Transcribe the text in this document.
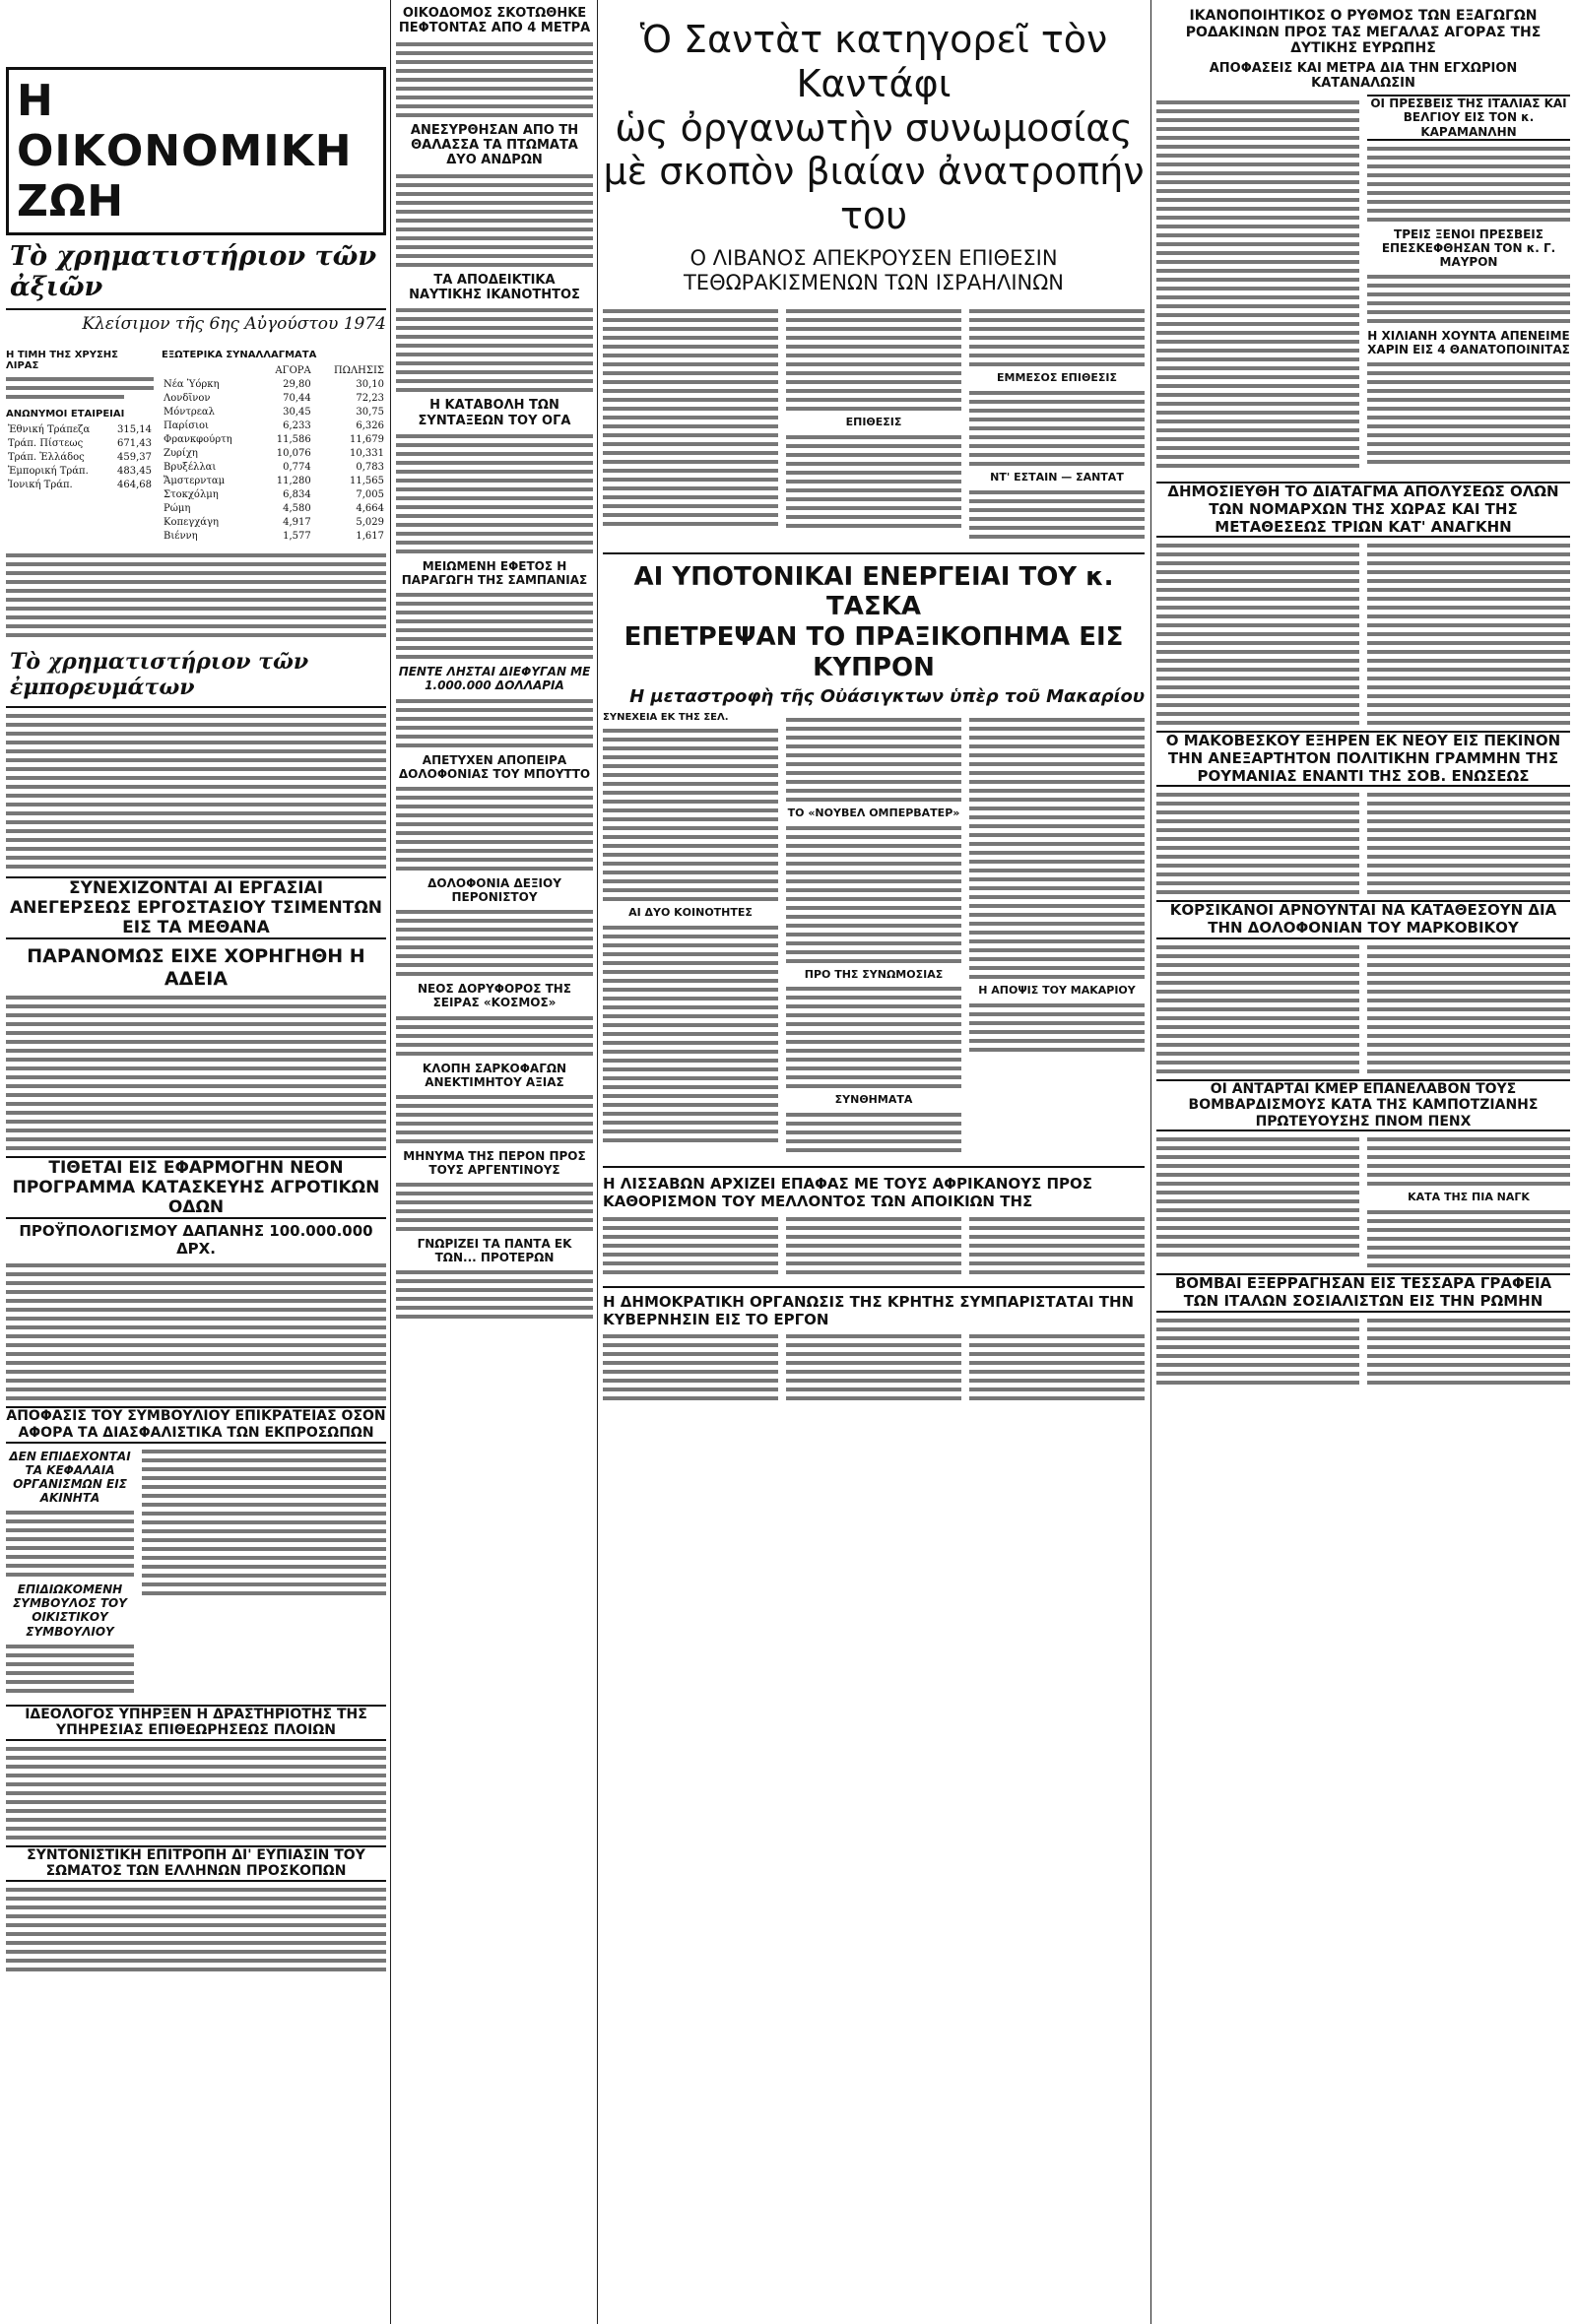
Η ΟΙΚΟΝΟΜΙΚΗ ΖΩΗ
Τὸ χρηματιστήριον τῶν ἀξιῶν
Κλείσιμον τῆς 6ης Αὐγούστου 1974
Η ΤΙΜΗ ΤΗΣ ΧΡΥΣΗΣ ΛΙΡΑΣ
ΑΝΩΝΥΜΟΙ ΕΤΑΙΡΕΙΑΙ
Ἐθνική Τράπεζα	315,14
Τράπ. Πίστεως	671,43
Τράπ. Ἑλλάδος	459,37
Ἑμπορική Τράπ.	483,45
Ἰονική Τράπ.	464,68
ΕΞΩΤΕΡΙΚΑ ΣΥΝΑΛΛΑΓΜΑΤΑ
	ΑΓΟΡΑ	ΠΩΛΗΣΙΣ
Νέα Ὑόρκη	29,80	30,10
Λονδῖνον	70,44	72,23
Μόντρεαλ	30,45	30,75
Παρίσιοι	6,233	6,326
Φρανκφούρτη	11,586	11,679
Ζυρίχη	10,076	10,331
Βρυξέλλαι	0,774	0,783
Ἄμστερνταμ	11,280	11,565
Στοκχόλμη	6,834	7,005
Ρώμη	4,580	4,664
Κοπεγχάγη	4,917	5,029
Βιέννη	1,577	1,617
Τὸ χρηματιστήριον τῶν ἐμπορευμάτων
ΣΥΝΕΧΙΖΟΝΤΑΙ ΑΙ ΕΡΓΑΣΙΑΙ ΑΝΕΓΕΡΣΕΩΣ ΕΡΓΟΣΤΑΣΙΟΥ ΤΣΙΜΕΝΤΩΝ ΕΙΣ ΤΑ ΜΕΘΑΝΑ
ΠΑΡΑΝΟΜΩΣ ΕΙΧΕ ΧΟΡΗΓΗΘΗ Η ΑΔΕΙΑ
ΤΙΘΕΤΑΙ ΕΙΣ ΕΦΑΡΜΟΓΗΝ ΝΕΟΝ ΠΡΟΓΡΑΜΜΑ ΚΑΤΑΣΚΕΥΗΣ ΑΓΡΟΤΙΚΩΝ ΟΔΩΝ
ΠΡΟΫΠΟΛΟΓΙΣΜΟΥ ΔΑΠΑΝΗΣ 100.000.000 ΔΡΧ.
ΑΠΟΦΑΣΙΣ ΤΟΥ ΣΥΜΒΟΥΛΙΟΥ ΕΠΙΚΡΑΤΕΙΑΣ ΟΣΟΝ ΑΦΟΡΑ ΤΑ ΔΙΑΣΦΑΛΙΣΤΙΚΑ ΤΩΝ ΕΚΠΡΟΣΩΠΩΝ
ΔΕΝ ΕΠΙΔΕΧΟΝΤΑΙ ΤΑ ΚΕΦΑΛΑΙΑ ΟΡΓΑΝΙΣΜΩΝ ΕΙΣ ΑΚΙΝΗΤΑ
ΕΠΙΔΙΩΚΟΜΕΝΗ ΣΥΜΒΟΥΛΟΣ ΤΟΥ ΟΙΚΙΣΤΙΚΟΥ ΣΥΜΒΟΥΛΙΟΥ
ΙΔΕΟΛΟΓΟΣ ΥΠΗΡΞΕΝ Η ΔΡΑΣΤΗΡΙΟΤΗΣ ΤΗΣ ΥΠΗΡΕΣΙΑΣ ΕΠΙΘΕΩΡΗΣΕΩΣ ΠΛΟΙΩΝ
ΣΥΝΤΟΝΙΣΤΙΚΗ ΕΠΙΤΡΟΠΗ ΔΙ' ΕΥΠΙΑΣΙΝ ΤΟΥ ΣΩΜΑΤΟΣ ΤΩΝ ΕΛΛΗΝΩΝ ΠΡΟΣΚΟΠΩΝ
ΟΙΚΟΔΟΜΟΣ ΣΚΟΤΩΘΗΚΕ ΠΕΦΤΟΝΤΑΣ ΑΠΟ 4 ΜΕΤΡΑ
ΑΝΕΣΥΡΘΗΣΑΝ ΑΠΟ ΤΗ ΘΑΛΑΣΣΑ ΤΑ ΠΤΩΜΑΤΑ ΔΥΟ ΑΝΔΡΩΝ
ΤΑ ΑΠΟΔΕΙΚΤΙΚΑ ΝΑΥΤΙΚΗΣ ΙΚΑΝΟΤΗΤΟΣ
Η ΚΑΤΑΒΟΛΗ ΤΩΝ ΣΥΝΤΑΞΕΩΝ ΤΟΥ ΟΓΑ
ΜΕΙΩΜΕΝΗ ΕΦΕΤΟΣ Η ΠΑΡΑΓΩΓΗ ΤΗΣ ΣΑΜΠΑΝΙΑΣ
ΠΕΝΤΕ ΛΗΣΤΑΙ ΔΙΕΦΥΓΑΝ ΜΕ 1.000.000 ΔΟΛΛΑΡΙΑ
ΑΠΕΤΥΧΕΝ ΑΠΟΠΕΙΡΑ ΔΟΛΟΦΟΝΙΑΣ ΤΟΥ ΜΠΟΥΤΤΟ
ΔΟΛΟΦΟΝΙΑ ΔΕΞΙΟΥ ΠΕΡΟΝΙΣΤΟΥ
ΝΕΟΣ ΔΟΡΥΦΟΡΟΣ ΤΗΣ ΣΕΙΡΑΣ «ΚΟΣΜΟΣ»
ΚΛΟΠΗ ΣΑΡΚΟΦΑΓΩΝ ΑΝΕΚΤΙΜΗΤΟΥ ΑΞΙΑΣ
ΜΗΝΥΜΑ ΤΗΣ ΠΕΡΟΝ ΠΡΟΣ ΤΟΥΣ ΑΡΓΕΝΤΙΝΟΥΣ
ΓΝΩΡΙΖΕΙ ΤΑ ΠΑΝΤΑ ΕΚ ΤΩΝ... ΠΡΟΤΕΡΩΝ
Ὁ Σαντὰτ κατηγορεῖ τὸν Καντάφι
ὡς ὀργανωτὴν συνωμοσίας
μὲ σκοπὸν βιαίαν ἀνατροπήν του
Ο ΛΙΒΑΝΟΣ ΑΠΕΚΡΟΥΣΕΝ ΕΠΙΘΕΣΙΝ ΤΕΘΩΡΑΚΙΣΜΕΝΩΝ ΤΩΝ ΙΣΡΑΗΛΙΝΩΝ
ΕΠΙΘΕΣΙΣ
ΕΜΜΕΣΟΣ ΕΠΙΘΕΣΙΣ
ΝΤ' ΕΣΤΑΙΝ — ΣΑΝΤΑΤ
ΑΙ ΥΠΟΤΟΝΙΚΑΙ ΕΝΕΡΓΕΙΑΙ ΤΟΥ κ. ΤΑΣΚΑ
ΕΠΕΤΡΕΨΑΝ ΤΟ ΠΡΑΞΙΚΟΠΗΜΑ ΕΙΣ ΚΥΠΡΟΝ
Η μεταστροφὴ τῆς Οὐάσιγκτων ὑπὲρ τοῦ Μακαρίου
ΣΥΝΕΧΕΙΑ ΕΚ ΤΗΣ ΣΕΛ.
ΑΙ ΔΥΟ ΚΟΙΝΟΤΗΤΕΣ
ΤΟ «ΝΟΥΒΕΛ ΟΜΠΕΡΒΑΤΕΡ»
ΠΡΟ ΤΗΣ ΣΥΝΩΜΟΣΙΑΣ
ΣΥΝΘΗΜΑΤΑ
Η ΑΠΟΨΙΣ ΤΟΥ ΜΑΚΑΡΙΟΥ
Η ΛΙΣΣΑΒΩΝ ΑΡΧΙΖΕΙ ΕΠΑΦΑΣ ΜΕ ΤΟΥΣ ΑΦΡΙΚΑΝΟΥΣ ΠΡΟΣ ΚΑΘΟΡΙΣΜΟΝ ΤΟΥ ΜΕΛΛΟΝΤΟΣ ΤΩΝ ΑΠΟΙΚΙΩΝ ΤΗΣ
Η ΔΗΜΟΚΡΑΤΙΚΗ ΟΡΓΑΝΩΣΙΣ ΤΗΣ ΚΡΗΤΗΣ ΣΥΜΠΑΡΙΣΤΑΤΑΙ ΤΗΝ ΚΥΒΕΡΝΗΣΙΝ ΕΙΣ ΤΟ ΕΡΓΟΝ
ΙΚΑΝΟΠΟΙΗΤΙΚΟΣ Ο ΡΥΘΜΟΣ ΤΩΝ ΕΞΑΓΩΓΩΝ ΡΟΔΑΚΙΝΩΝ ΠΡΟΣ ΤΑΣ ΜΕΓΑΛΑΣ ΑΓΟΡΑΣ ΤΗΣ ΔΥΤΙΚΗΣ ΕΥΡΩΠΗΣ
ΑΠΟΦΑΣΕΙΣ ΚΑΙ ΜΕΤΡΑ ΔΙΑ ΤΗΝ ΕΓΧΩΡΙΟΝ ΚΑΤΑΝΑΛΩΣΙΝ
ΟΙ ΠΡΕΣΒΕΙΣ ΤΗΣ ΙΤΑΛΙΑΣ ΚΑΙ ΒΕΛΓΙΟΥ ΕΙΣ ΤΟΝ κ. ΚΑΡΑΜΑΝΛΗΝ
ΤΡΕΙΣ ΞΕΝΟΙ ΠΡΕΣΒΕΙΣ ΕΠΕΣΚΕΦΘΗΣΑΝ ΤΟΝ κ. Γ. ΜΑΥΡΟΝ
Η ΧΙΛΙΑΝΗ ΧΟΥΝΤΑ ΑΠΕΝΕΙΜΕ ΧΑΡΙΝ ΕΙΣ 4 ΘΑΝΑΤΟΠΟΙΝΙΤΑΣ
ΔΗΜΟΣΙΕΥΘΗ ΤΟ ΔΙΑΤΑΓΜΑ ΑΠΟΛΥΣΕΩΣ ΟΛΩΝ ΤΩΝ ΝΟΜΑΡΧΩΝ ΤΗΣ ΧΩΡΑΣ ΚΑΙ ΤΗΣ ΜΕΤΑΘΕΣΕΩΣ ΤΡΙΩΝ ΚΑΤ' ΑΝΑΓΚΗΝ
Ο ΜΑΚΟΒΕΣΚΟΥ ΕΞΗΡΕΝ ΕΚ ΝΕΟΥ ΕΙΣ ΠΕΚΙΝΟΝ ΤΗΝ ΑΝΕΞΑΡΤΗΤΟΝ ΠΟΛΙΤΙΚΗΝ ΓΡΑΜΜΗΝ ΤΗΣ ΡΟΥΜΑΝΙΑΣ ΕΝΑΝΤΙ ΤΗΣ ΣΟΒ. ΕΝΩΣΕΩΣ
ΚΟΡΣΙΚΑΝΟΙ ΑΡΝΟΥΝΤΑΙ ΝΑ ΚΑΤΑΘΕΣΟΥΝ ΔΙΑ ΤΗΝ ΔΟΛΟΦΟΝΙΑΝ ΤΟΥ ΜΑΡΚΟΒΙΚΟΥ
ΟΙ ΑΝΤΑΡΤΑΙ ΚΜΕΡ ΕΠΑΝΕΛΑΒΟΝ ΤΟΥΣ ΒΟΜΒΑΡΔΙΣΜΟΥΣ ΚΑΤΑ ΤΗΣ ΚΑΜΠΟΤΖΙΑΝΗΣ ΠΡΩΤΕΥΟΥΣΗΣ ΠΝΟΜ ΠΕΝΧ
ΚΑΤΑ ΤΗΣ ΠΙΑ ΝΑΓΚ
ΒΟΜΒΑΙ ΕΞΕΡΡΑΓΗΣΑΝ ΕΙΣ ΤΕΣΣΑΡΑ ΓΡΑΦΕΙΑ ΤΩΝ ΙΤΑΛΩΝ ΣΟΣΙΑΛΙΣΤΩΝ ΕΙΣ ΤΗΝ ΡΩΜΗΝ
